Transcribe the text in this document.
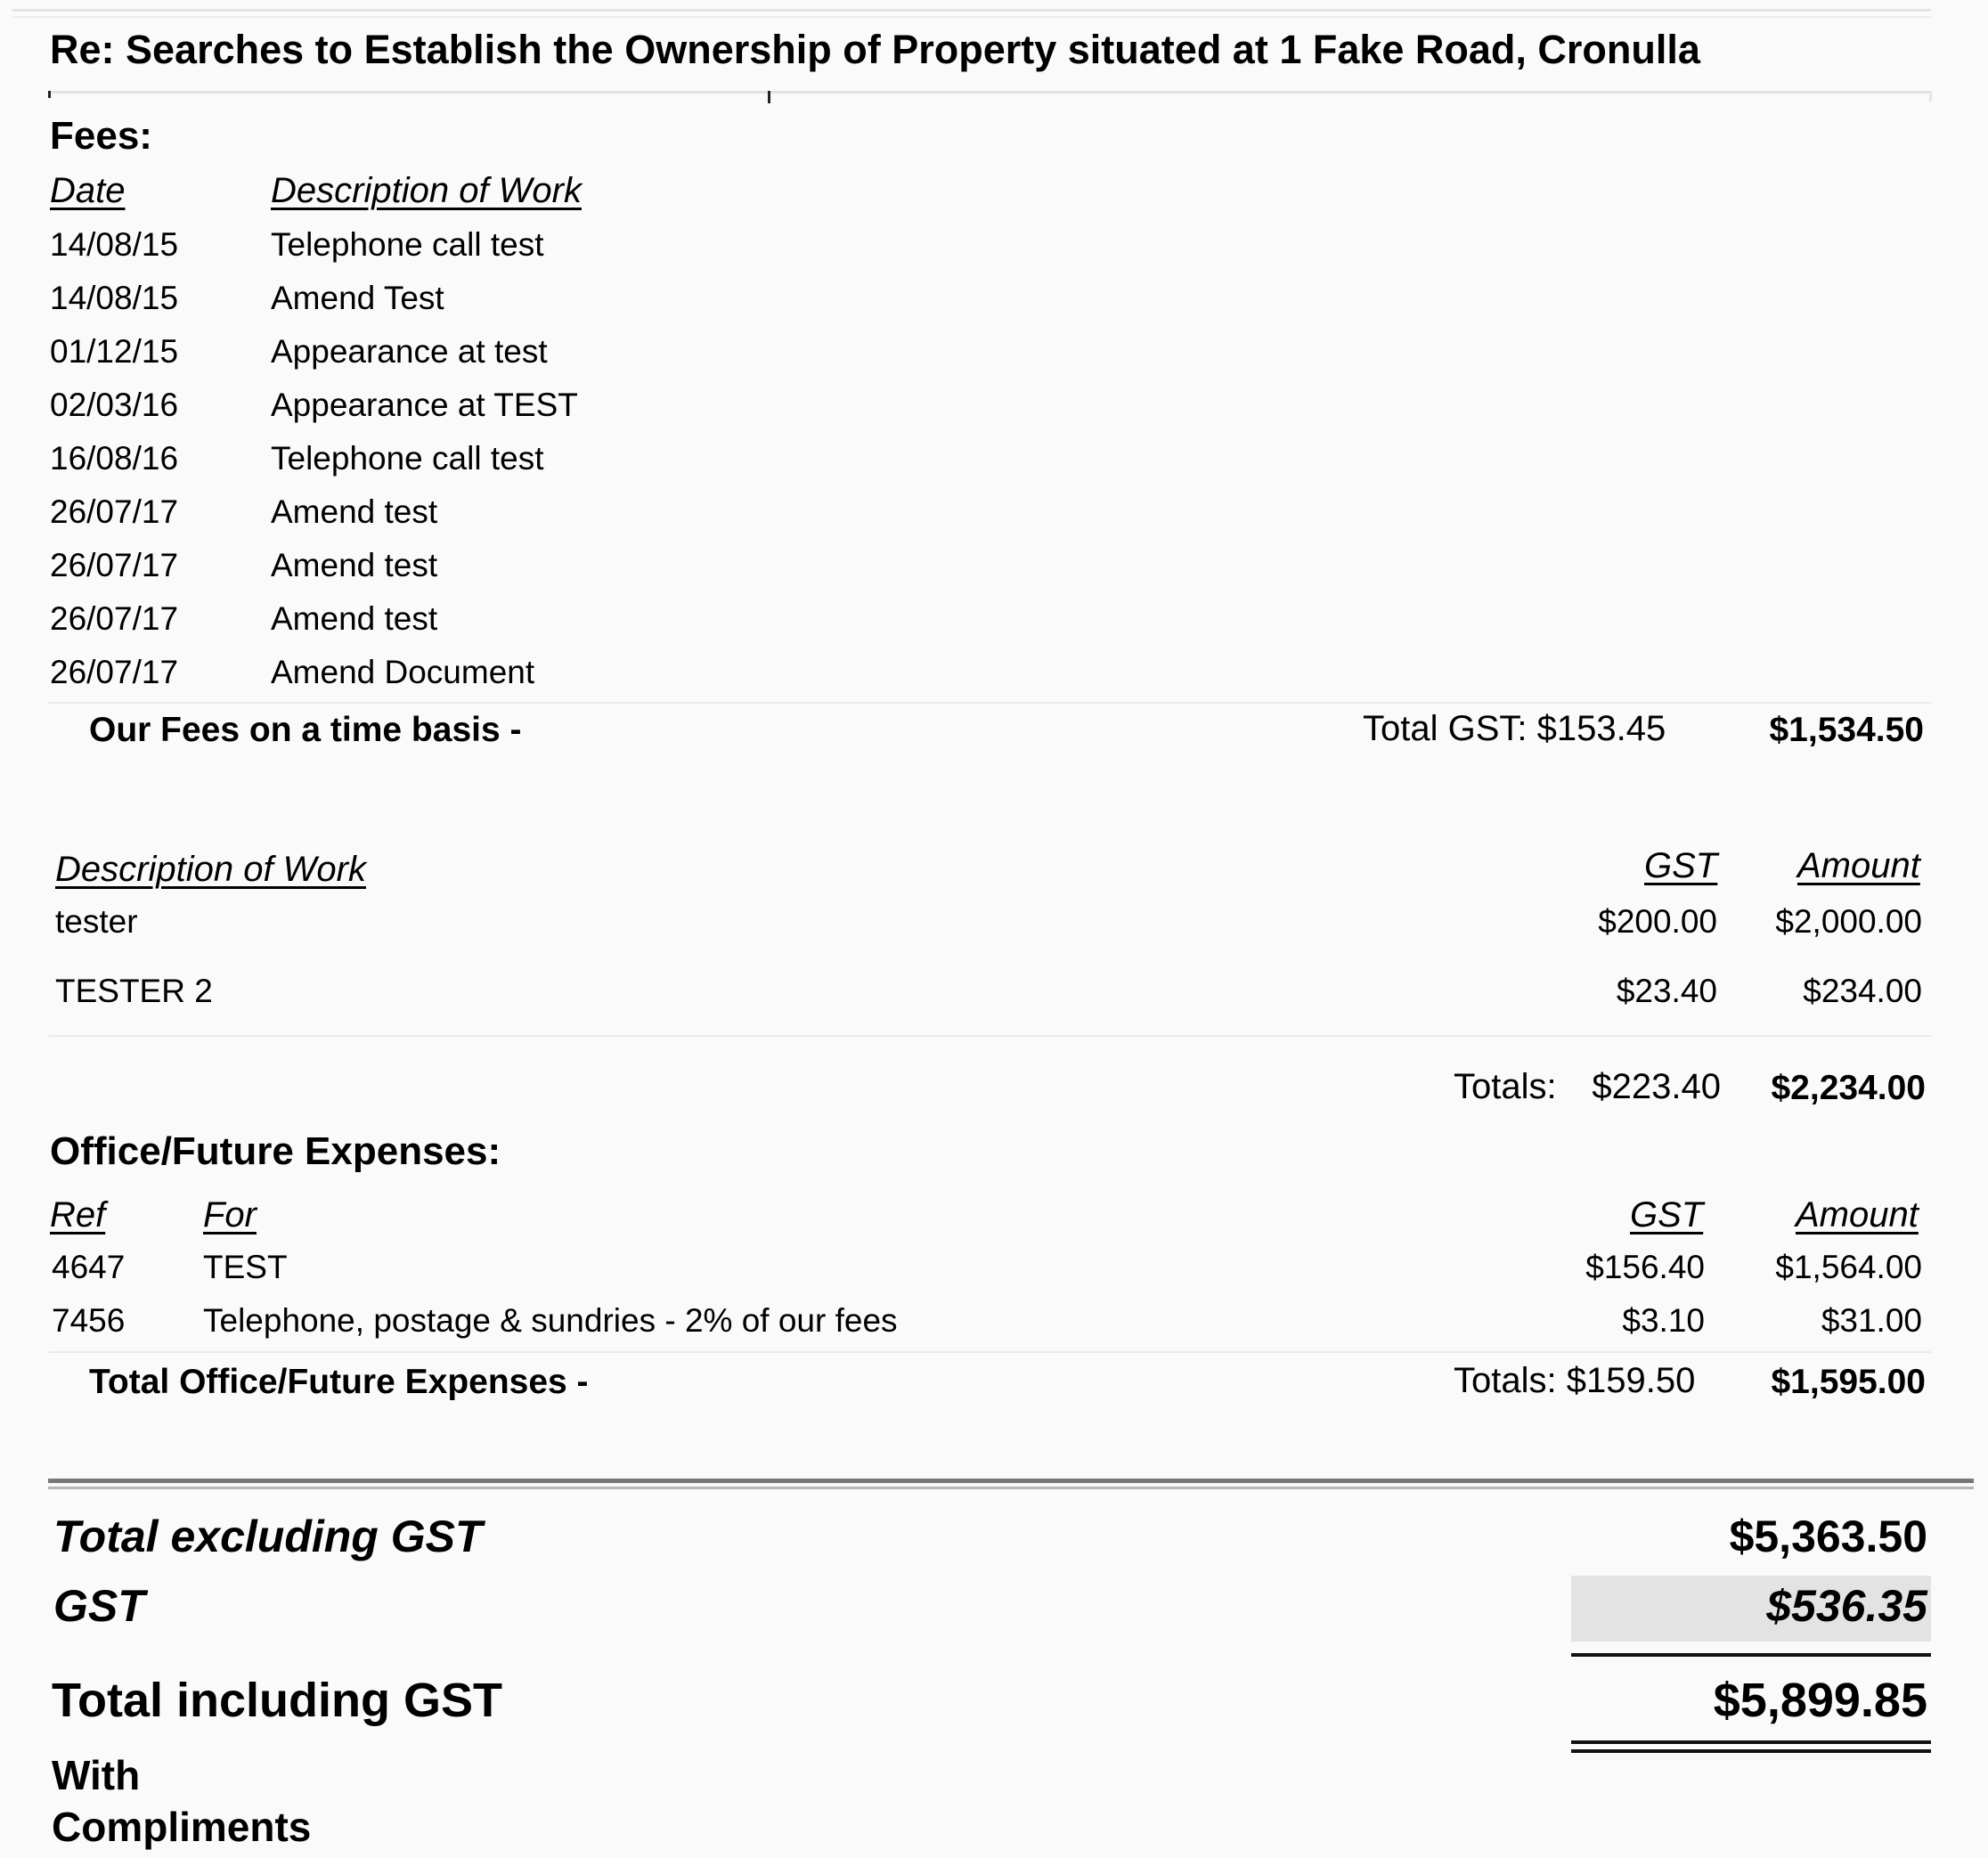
Re: Searches to Establish the Ownership of Property situated at 1 Fake Road, Cronulla
Fees:
Date	Description of Work
14/08/15	Telephone call test
14/08/15	Amend Test
01/12/15	Appearance at test
02/03/16	Appearance at TEST
16/08/16	Telephone call test
26/07/17	Amend test
26/07/17	Amend test
26/07/17	Amend test
26/07/17	Amend Document
Our Fees on a time basis -	Total GST: $153.45	$1,534.50
Description of Work	GST Amount
tester	$200.00 $2,000.00
TESTER 2	$23.40	$234.00
Totals: $223.40 $2,234.00
Office/Future Expenses:
Ref	For	GST	Amount
4647 TEST	$156.40 $1,564.00
7456 Telephone, postage & sundries - 2% of our fees	$3.10	$31.00
Total Office/Future Expenses -	Totals: $159.50 $1,595.00
Total excluding GST	$5,363.50
GST	$536.35
Total including GST	$5,899.85
With
Compliments
